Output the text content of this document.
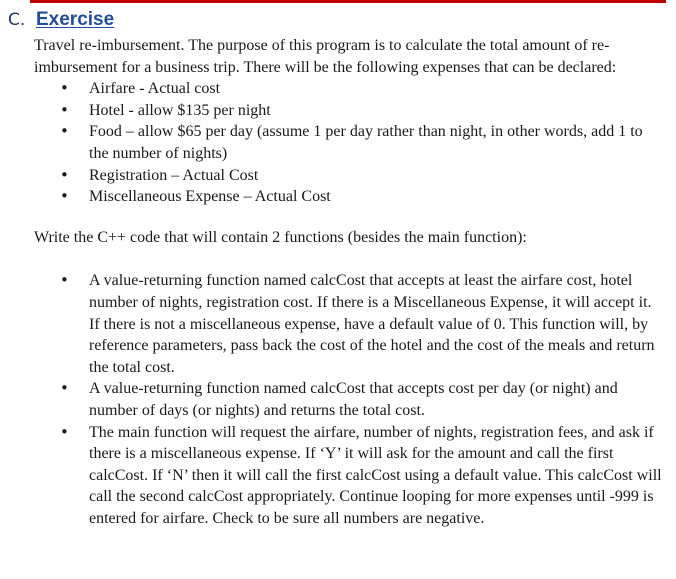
C. Exercise

Travel re-imbursement. The purpose of this program is to calculate the total amount of re-imbursement for a business trip. There will be the following expenses that can be declared:

• Airfare - Actual cost
• Hotel - allow $135 per night
• Food – allow $65 per day (assume 1 per day rather than night, in other words, add 1 to the number of nights)
• Registration – Actual Cost
• Miscellaneous Expense – Actual Cost

Write the C++ code that will contain 2 functions (besides the main function):

• A value-returning function named calcCost that accepts at least the airfare cost, hotel number of nights, registration cost. If there is a Miscellaneous Expense, it will accept it. If there is not a miscellaneous expense, have a default value of 0. This function will, by reference parameters, pass back the cost of the hotel and the cost of the meals and return the total cost.
• A value-returning function named calcCost that accepts cost per day (or night) and number of days (or nights) and returns the total cost.
• The main function will request the airfare, number of nights, registration fees, and ask if there is a miscellaneous expense. If ‘Y’ it will ask for the amount and call the first calcCost. If ‘N’ then it will call the first calcCost using a default value. This calcCost will call the second calcCost appropriately. Continue looping for more expenses until -999 is entered for airfare. Check to be sure all numbers are negative.
